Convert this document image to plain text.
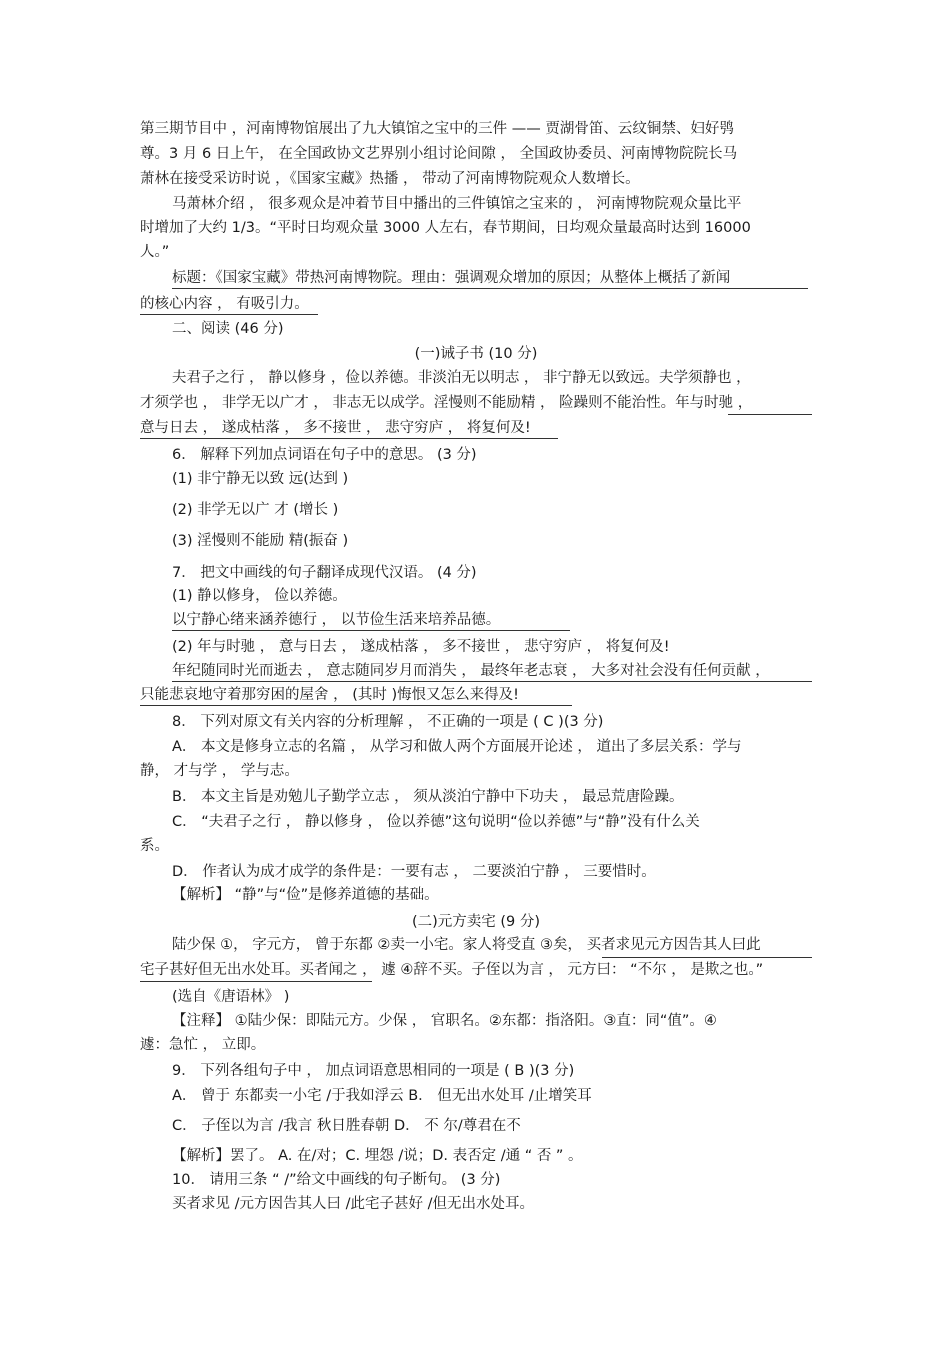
第三期节目中 ，河南博物馆展出了九大镇馆之宝中的三件 —— 贾湖骨笛、云纹铜禁、妇好鸮
尊。3 月 6 日上午， 在全国政协文艺界别小组讨论间隙 ， 全国政协委员、河南博物院院长马
萧林在接受采访时说 ，《国家宝藏》热播 ， 带动了河南博物院观众人数增长。
马萧林介绍 ， 很多观众是冲着节目中播出的三件镇馆之宝来的 ， 河南博物院观众量比平
时增加了大约 1/3。“平时日均观众量 3000 人左右，春节期间，日均观众量最高时达到 16000
人。”
标题：《国家宝藏》带热河南博物院。理由：强调观众增加的原因；从整体上概括了新闻
的核心内容 ， 有吸引力。
二、阅读 (46 分)
(一)诫子书 (10 分)
夫君子之行 ， 静以修身 ，俭以养德。非淡泊无以明志 ， 非宁静无以致远。夫学须静也 ，
才须学也 ， 非学无以广才 ， 非志无以成学。淫慢则不能励精 ， 险躁则不能治性。年与时驰 ，
意与日去 ， 遂成枯落 ， 多不接世 ， 悲守穷庐 ， 将复何及!
6． 解释下列加点词语在句子中的意思。 (3 分)
(1) 非宁静无以致 远(达到 )
(2) 非学无以广 才 (增长 )
(3) 淫慢则不能励 精(振奋 )
7． 把文中画线的句子翻译成现代汉语。 (4 分)
(1) 静以修身， 俭以养德。
以宁静心绪来涵养德行 ， 以节俭生活来培养品德。
(2) 年与时驰 ， 意与日去 ， 遂成枯落 ， 多不接世 ， 悲守穷庐 ， 将复何及!
年纪随同时光而逝去 ， 意志随同岁月而消失 ， 最终年老志衰 ， 大多对社会没有任何贡献 ，
只能悲哀地守着那穷困的屋舍 ， (其时 )悔恨又怎么来得及!
8． 下列对原文有关内容的分析理解 ， 不正确的一项是 ( C )(3 分)
A． 本文是修身立志的名篇 ， 从学习和做人两个方面展开论述 ， 道出了多层关系：学与
静， 才与学 ， 学与志。
B． 本文主旨是劝勉儿子勤学立志 ， 须从淡泊宁静中下功夫 ， 最忌荒唐险躁。
C． “夫君子之行 ， 静以修身 ， 俭以养德”这句说明“俭以养德”与“静”没有什么关
系。
D． 作者认为成才成学的条件是：一要有志 ， 二要淡泊宁静 ， 三要惜时。
【解析】 “静”与“俭”是修养道德的基础。
(二)元方卖宅 (9 分)
陆少保 ①， 字元方， 曾于东都 ②卖一小宅。家人将受直 ③矣， 买者求见元方因告其人曰此
宅子甚好但无出水处耳。买者闻之 ， 遽 ④辞不买。子侄以为言 ， 元方曰： “不尔 ， 是欺之也。”
(选自《唐语林》 )
【注释】 ①陆少保：即陆元方。少保 ， 官职名。②东都：指洛阳。③直：同“值”。④
遽：急忙 ， 立即。
9． 下列各组句子中 ， 加点词语意思相同的一项是 ( B )(3 分)
A． 曾于 东都卖一小宅 /于我如浮云 B． 但无出水处耳 /止增笑耳
C． 子侄以为言 /我言 秋日胜春朝 D． 不 尔/尊君在不
【解析】罢了。 A. 在/对；C. 埋怨 /说；D. 表否定 /通 “ 否 ” 。
10． 请用三条 “ /”给文中画线的句子断句。 (3 分)
买者求见 /元方因告其人曰 /此宅子甚好 /但无出水处耳。
